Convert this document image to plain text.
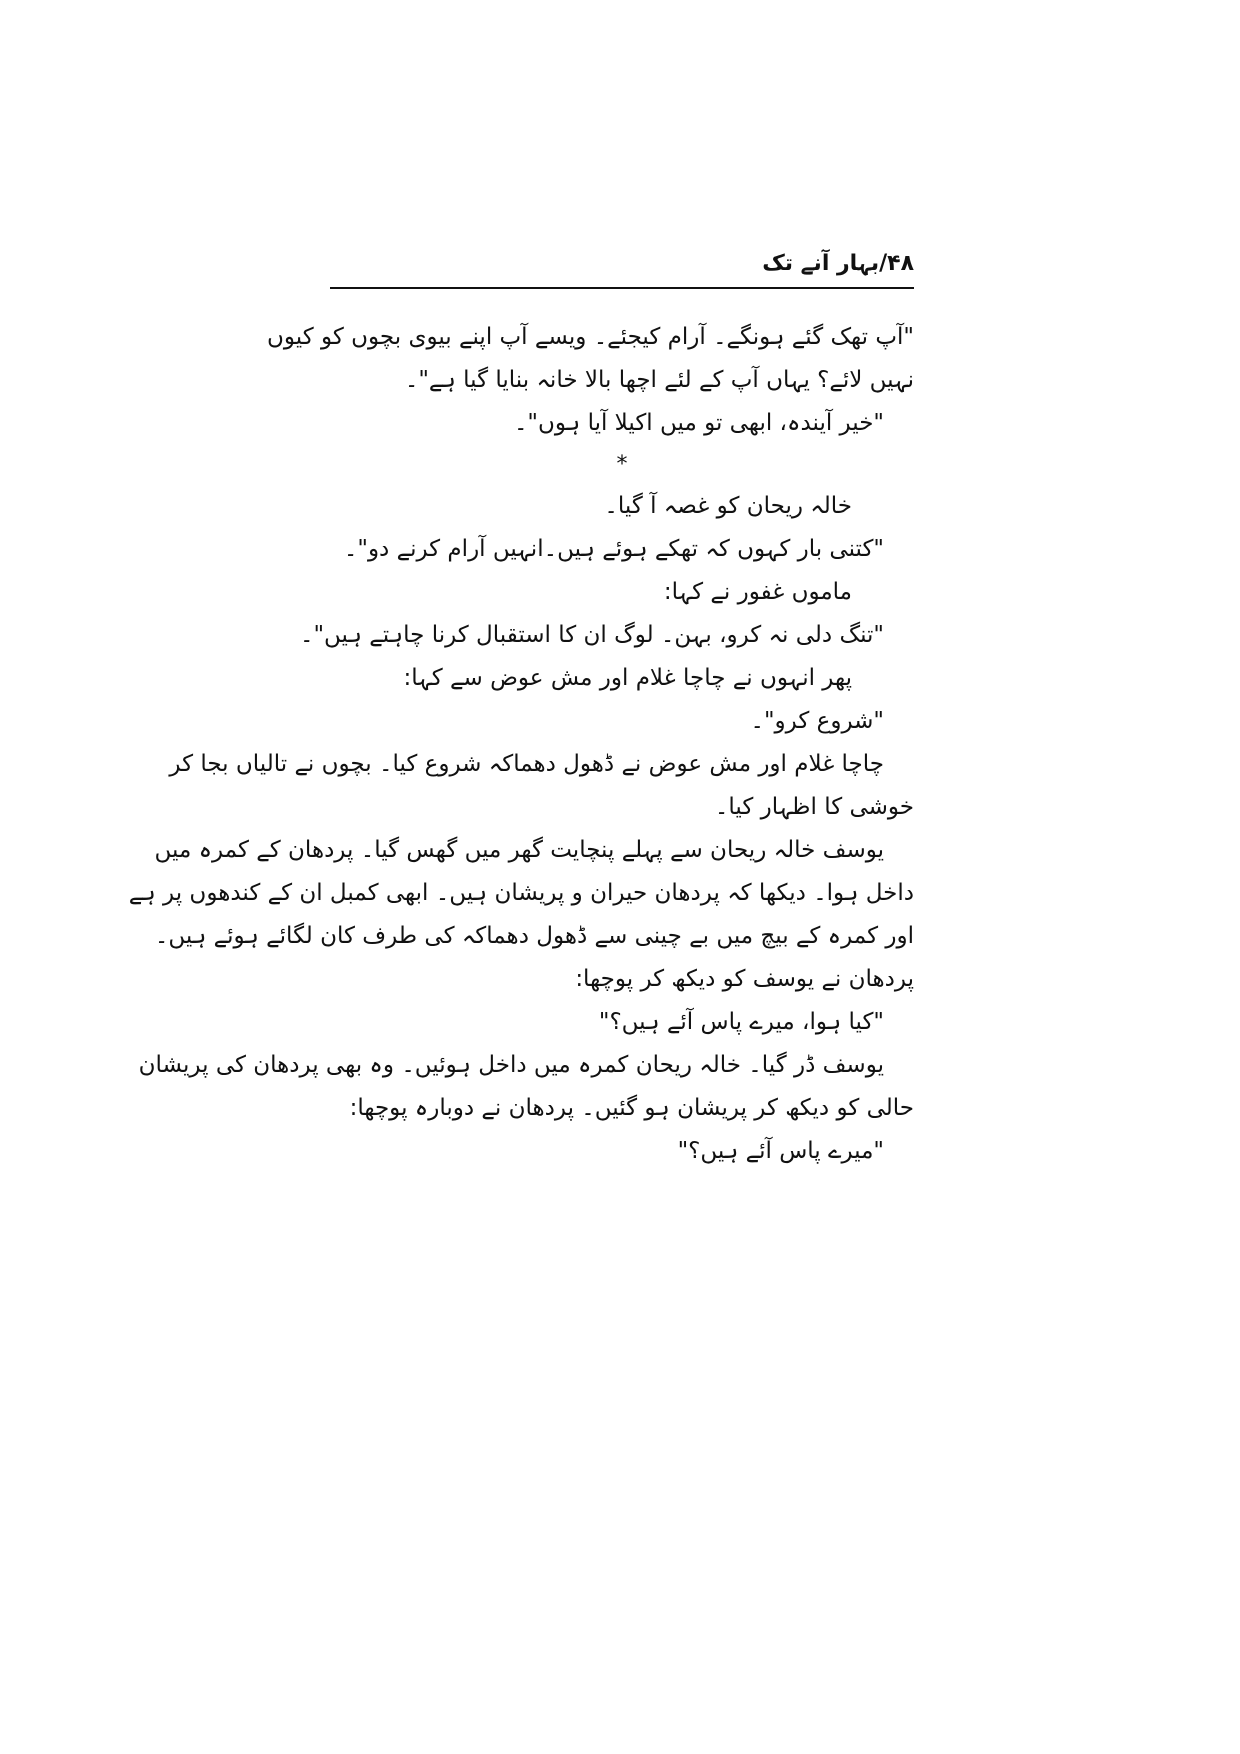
۴۸/بہار آنے تک
"آپ تھک گئے ہونگے۔ آرام کیجئے۔ ویسے آپ اپنے بیوی بچوں کو کیوں
نہیں لائے؟ یہاں آپ کے لئے اچھا بالا خانہ بنایا گیا ہے"۔
"خیر آیندہ، ابھی تو میں اکیلا آیا ہوں"۔
*
خالہ ریحان کو غصہ آ گیا۔
"کتنی بار کہوں کہ تھکے ہوئے ہیں۔انہیں آرام کرنے دو"۔
ماموں غفور نے کہا:
"تنگ دلی نہ کرو، بہن۔ لوگ ان کا استقبال کرنا چاہتے ہیں"۔
پھر انہوں نے چاچا غلام اور مش عوض سے کہا:
"شروع کرو"۔
چاچا غلام اور مش عوض نے ڈھول دھماکہ شروع کیا۔ بچوں نے تالیاں بجا کر
خوشی کا اظہار کیا۔
یوسف خالہ ریحان سے پہلے پنچایت گھر میں گھس گیا۔ پردھان کے کمرہ میں
داخل ہوا۔ دیکھا کہ پردھان حیران و پریشان ہیں۔ ابھی کمبل ان کے کندھوں پر ہے
اور کمرہ کے بیچ میں بے چینی سے ڈھول دھماکہ کی طرف کان لگائے ہوئے ہیں۔
پردھان نے یوسف کو دیکھ کر پوچھا:
"کیا ہوا، میرے پاس آئے ہیں؟"
یوسف ڈر گیا۔ خالہ ریحان کمرہ میں داخل ہوئیں۔ وہ بھی پردھان کی پریشان
حالی کو دیکھ کر پریشان ہو گئیں۔ پردھان نے دوبارہ پوچھا:
"میرے پاس آئے ہیں؟"
